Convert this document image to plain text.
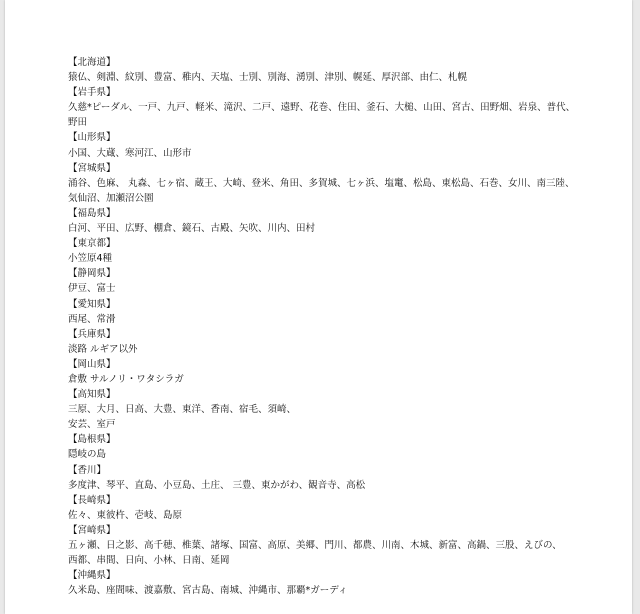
【北海道】
猿仏、剣淵、紋別、豊富、稚内、天塩、士別、別海、湧別、津別、幌延、厚沢部、由仁、札幌
【岩手県】
久慈*ピーダル、一戸、九戸、軽米、滝沢、二戸、遠野、花巻、住田、釜石、大槌、山田、宮古、田野畑、岩泉、普代、
野田
【山形県】
小国、大蔵、寒河江、山形市
【宮城県】
涌谷、色麻、 丸森、七ヶ宿、蔵王、大崎、登米、角田、多賀城、七ヶ浜、塩竃、松島、東松島、石巻、女川、南三陸、
気仙沼、加瀬沼公園
【福島県】
白河、平田、広野、棚倉、鏡石、古殿、矢吹、川内、田村
【東京都】
小笠原4種
【静岡県】
伊豆、富士
【愛知県】
西尾、常滑
【兵庫県】
淡路 ルギア以外
【岡山県】
倉敷 サルノリ・ワタシラガ
【高知県】
三原、大月、日高、大豊、東洋、香南、宿毛、須崎、
安芸、室戸
【島根県】
隠岐の島
【香川】
多度津、琴平、直島、小豆島、土庄、 三豊、東かがわ、観音寺、高松
【長崎県】
佐々、東彼杵、壱岐、島原
【宮崎県】
五ヶ瀬、日之影、高千穂、椎葉、諸塚、国富、高原、美郷、門川、都農、川南、木城、新富、高鍋、三股、えびの、
西都、串間、日向、小林、日南、延岡
【沖縄県】
久米島、座間味、渡嘉敷、宮古島、南城、沖縄市、那覇*ガーディ
